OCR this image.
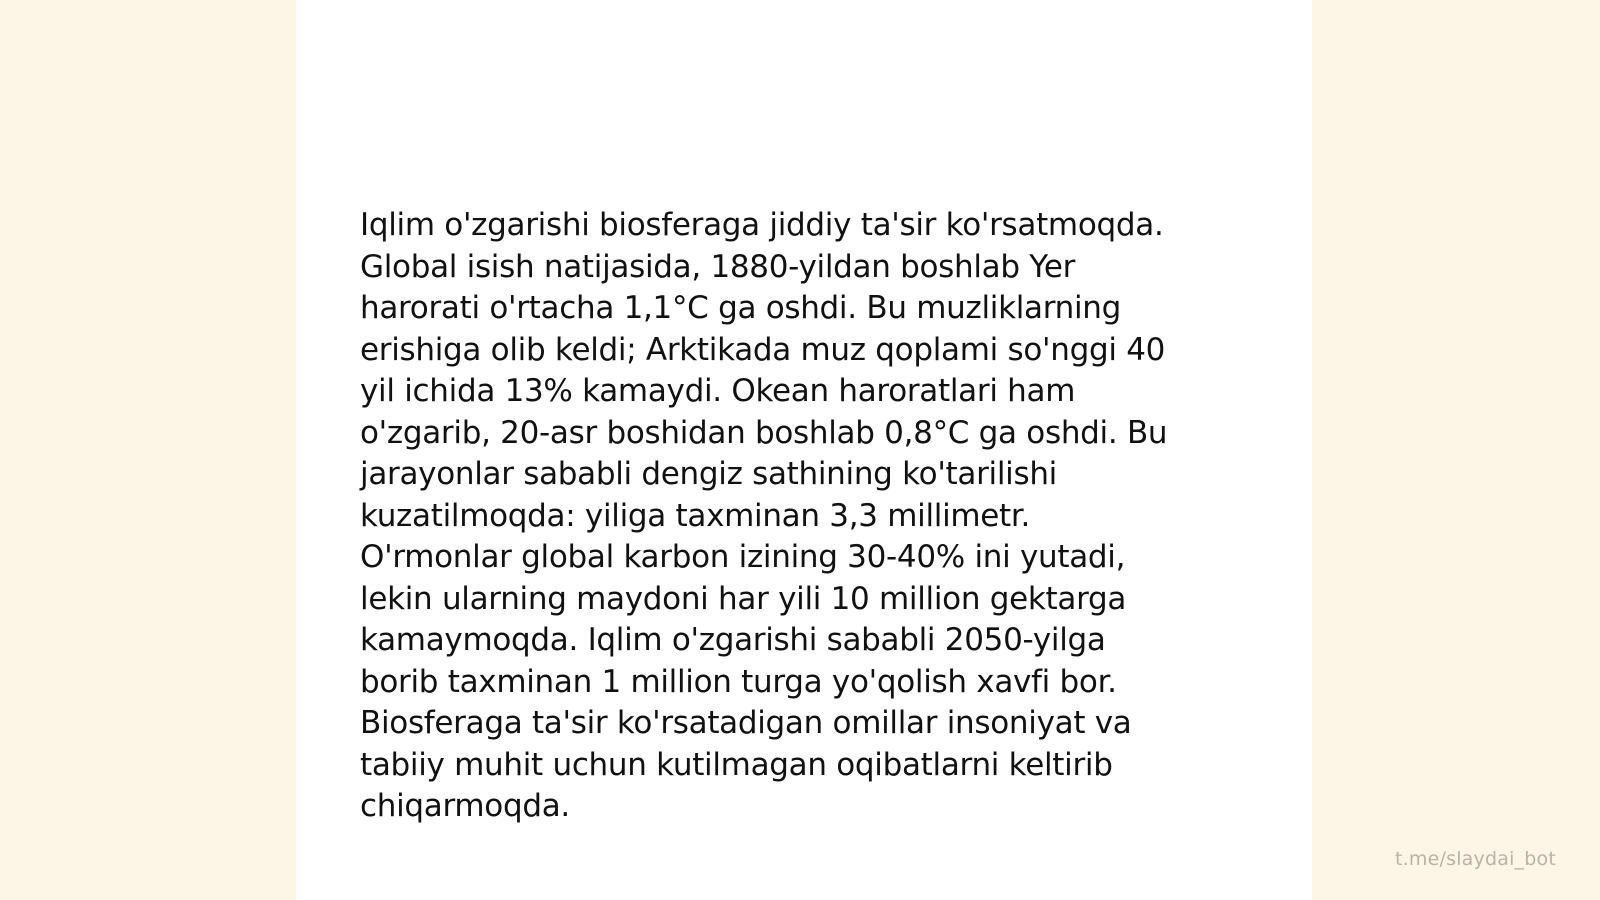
Iqlim o'zgarishi biosferaga jiddiy ta'sir ko'rsatmoqda.
Global isish natijasida, 1880-yildan boshlab Yer
harorati o'rtacha 1,1°C ga oshdi. Bu muzliklarning
erishiga olib keldi; Arktikada muz qoplami so'nggi 40
yil ichida 13% kamaydi. Okean haroratlari ham
o'zgarib, 20-asr boshidan boshlab 0,8°C ga oshdi. Bu
jarayonlar sababli dengiz sathining ko'tarilishi
kuzatilmoqda: yiliga taxminan 3,3 millimetr.
O'rmonlar global karbon izining 30-40% ini yutadi,
lekin ularning maydoni har yili 10 million gektarga
kamaymoqda. Iqlim o'zgarishi sababli 2050-yilga
borib taxminan 1 million turga yo'qolish xavfi bor.
Biosferaga ta'sir ko'rsatadigan omillar insoniyat va
tabiiy muhit uchun kutilmagan oqibatlarni keltirib
chiqarmoqda.

t.me/slaydai_bot
